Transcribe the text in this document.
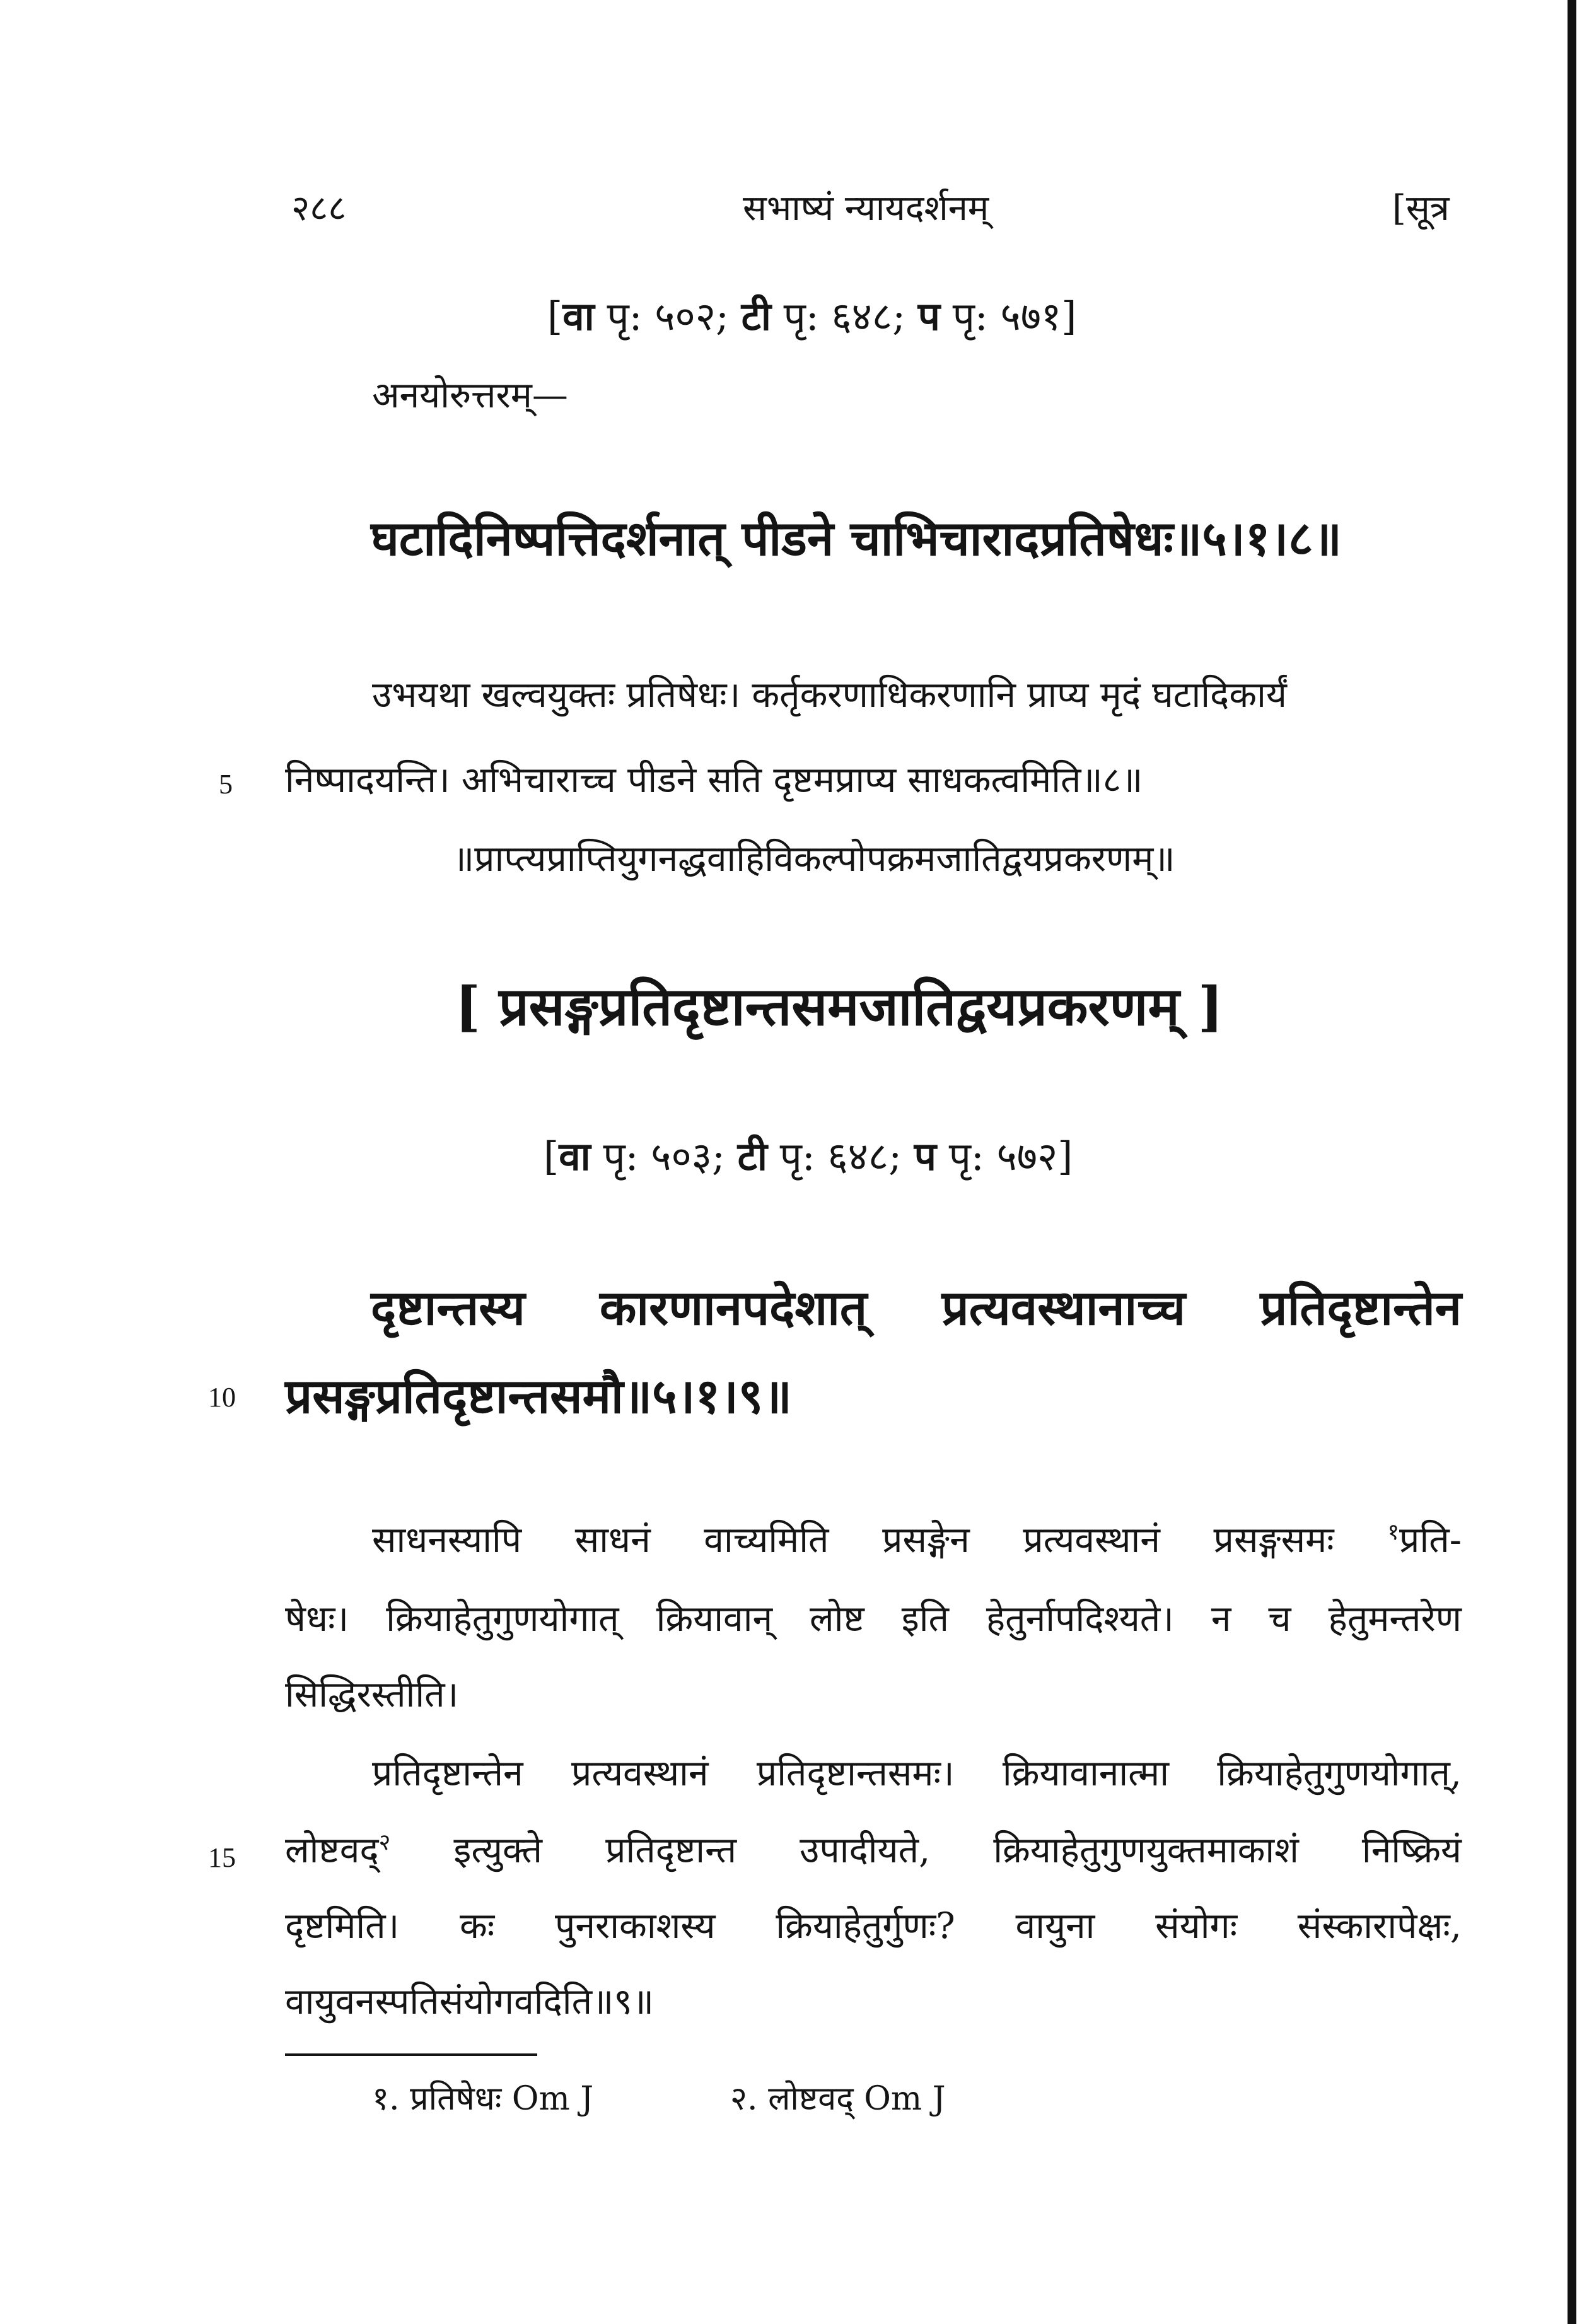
२८८	सभाष्यं न्यायदर्शनम्	[सूत्र
[वा पृ: ५०२; टी पृ: ६४८; प पृ: ५७१]
अनयोरुत्तरम्—
घटादिनिष्पत्तिदर्शनात् पीडने चाभिचारादप्रतिषेधः॥५।१।८॥
उभयथा खल्वयुक्तः प्रतिषेधः। कर्तृकरणाधिकरणानि प्राप्य मृदं घटादिकार्यं
5 निष्पादयन्ति। अभिचाराच्च पीडने सति दृष्टमप्राप्य साधकत्वमिति॥८॥
॥प्राप्त्यप्राप्तियुगनद्धवाहिविकल्पोपक्रमजातिद्वयप्रकरणम्॥
[ प्रसङ्गप्रतिदृष्टान्तसमजातिद्वयप्रकरणम् ]
[वा पृ: ५०३; टी पृ: ६४८; प पृ: ५७२]
दृष्टान्तस्य कारणानपदेशात् प्रत्यवस्थानाच्च प्रतिदृष्टान्तेन
10 प्रसङ्गप्रतिदृष्टान्तसमौ॥५।१।९॥
साधनस्यापि साधनं वाच्यमिति प्रसङ्गेन प्रत्यवस्थानं प्रसङ्गसमः $^१$प्रति-
षेधः। क्रियाहेतुगुणयोगात् क्रियावान् लोष्ट इति हेतुर्नापदिश्यते। न च हेतुमन्तरेण
सिद्धिरस्तीति।
प्रतिदृष्टान्तेन प्रत्यवस्थानं प्रतिदृष्टान्तसमः। क्रियावानात्मा क्रियाहेतुगुणयोगात्,
15 लोष्टवद्$^२$ इत्युक्ते प्रतिदृष्टान्त उपादीयते, क्रियाहेतुगुणयुक्तमाकाशं निष्क्रियं
दृष्टमिति। कः पुनराकाशस्य क्रियाहेतुर्गुणः? वायुना संयोगः संस्कारापेक्षः,
वायुवनस्पतिसंयोगवदिति॥९॥
१. प्रतिषेधः Om J	२. लोष्टवद् Om J
